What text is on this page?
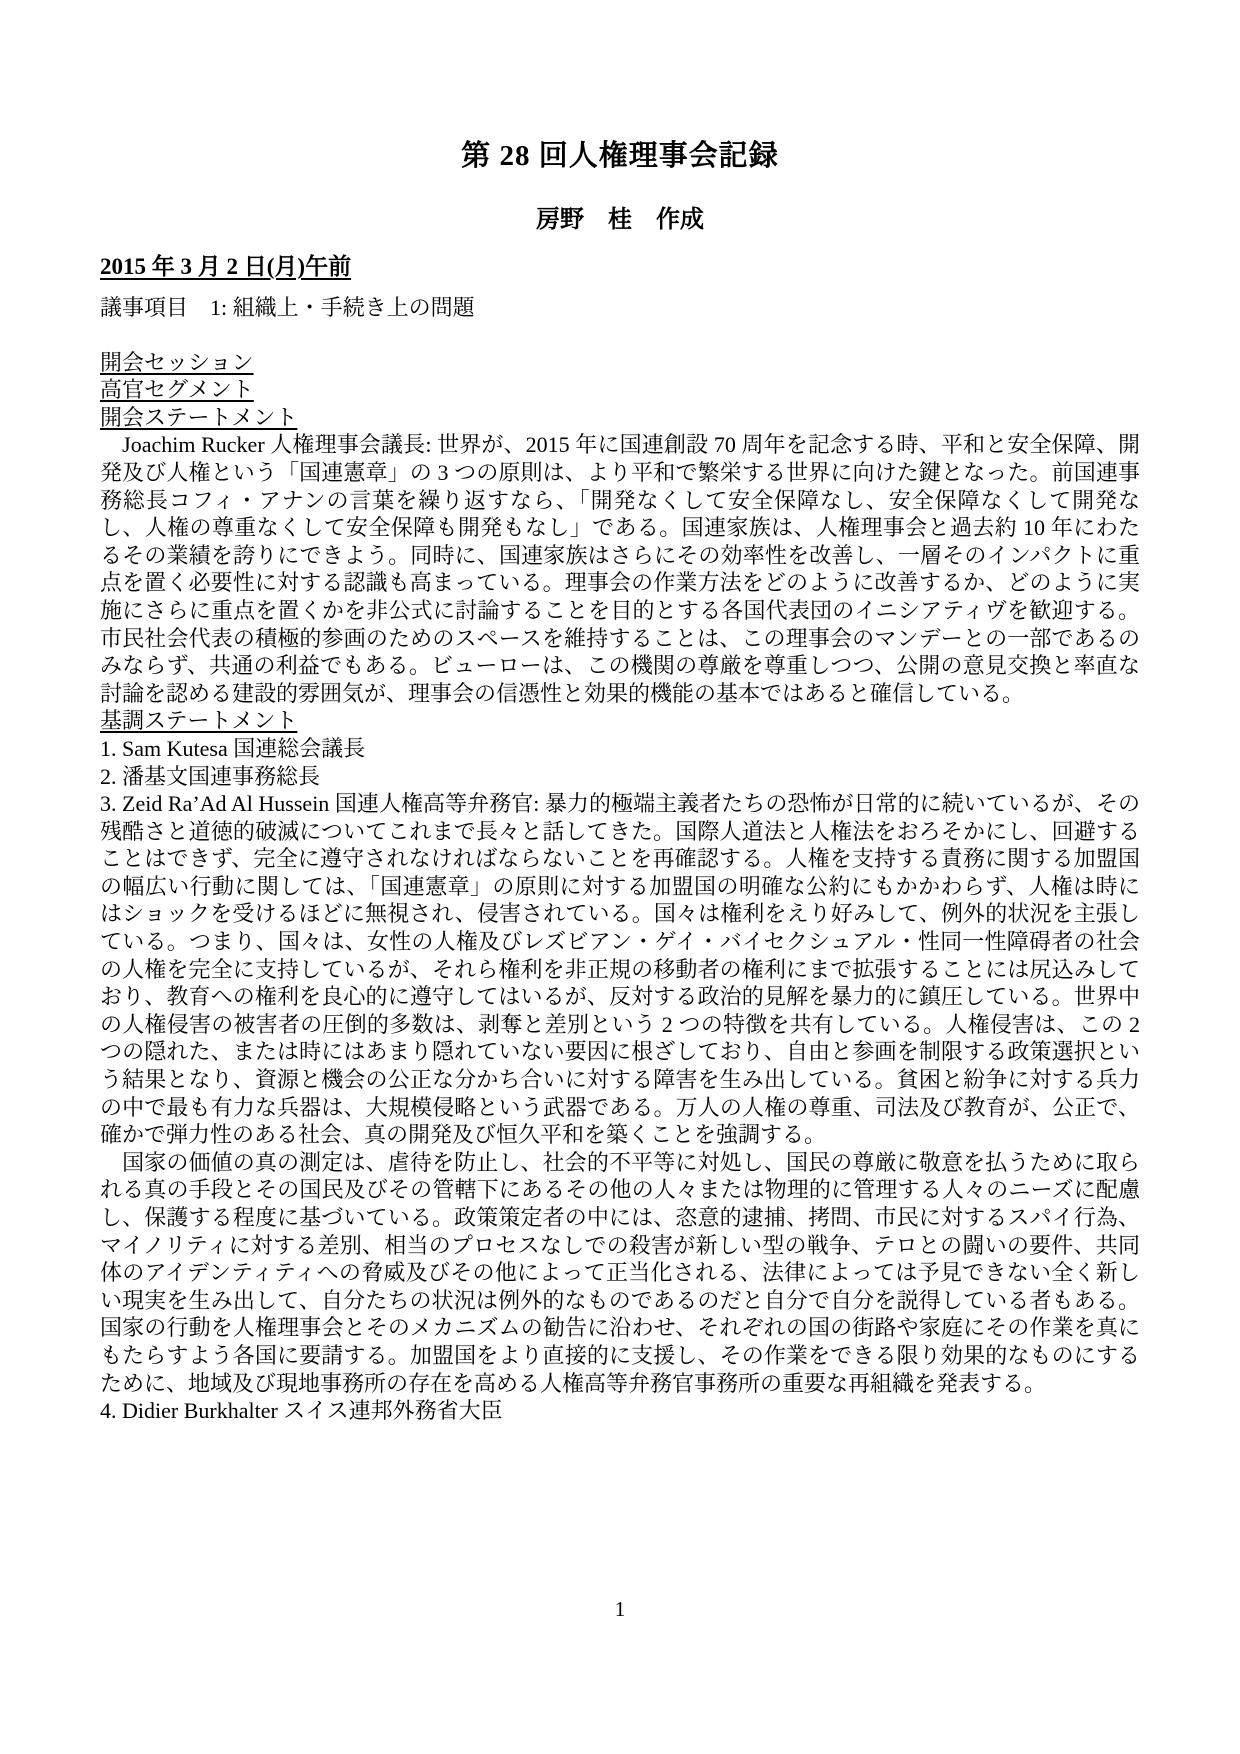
第 28 回人権理事会記録

房野　桂　作成

2015 年 3 月 2 日(月)午前

議事項目　1: 組織上・手続き上の問題

開会セッション
高官セグメント
開会ステートメント

　Joachim Rucker 人権理事会議長: 世界が、2015 年に国連創設 70 周年を記念する時、平和と安全保障、開発及び人権という「国連憲章」の 3 つの原則は、より平和で繁栄する世界に向けた鍵となった。前国連事務総長コフィ・アナンの言葉を繰り返すなら、「開発なくして安全保障なし、安全保障なくして開発なし、人権の尊重なくして安全保障も開発もなし」である。国連家族は、人権理事会と過去約 10 年にわたるその業績を誇りにできよう。同時に、国連家族はさらにその効率性を改善し、一層そのインパクトに重点を置く必要性に対する認識も高まっている。理事会の作業方法をどのように改善するか、どのように実施にさらに重点を置くかを非公式に討論することを目的とする各国代表団のイニシアティヴを歓迎する。市民社会代表の積極的参画のためのスペースを維持することは、この理事会のマンデーとの一部であるのみならず、共通の利益でもある。ビューローは、この機関の尊厳を尊重しつつ、公開の意見交換と率直な討論を認める建設的雰囲気が、理事会の信憑性と効果的機能の基本ではあると確信している。

基調ステートメント

1. Sam Kutesa 国連総会議長

2. 潘基文国連事務総長

3. Zeid Ra’Ad Al Hussein 国連人権高等弁務官: 暴力的極端主義者たちの恐怖が日常的に続いているが、その残酷さと道徳的破滅についてこれまで長々と話してきた。国際人道法と人権法をおろそかにし、回避することはできず、完全に遵守されなければならないことを再確認する。人権を支持する責務に関する加盟国の幅広い行動に関しては、「国連憲章」の原則に対する加盟国の明確な公約にもかかわらず、人権は時にはショックを受けるほどに無視され、侵害されている。国々は権利をえり好みして、例外的状況を主張している。つまり、国々は、女性の人権及びレズビアン・ゲイ・バイセクシュアル・性同一性障碍者の社会の人権を完全に支持しているが、それら権利を非正規の移動者の権利にまで拡張することには尻込みしており、教育への権利を良心的に遵守してはいるが、反対する政治的見解を暴力的に鎮圧している。世界中の人権侵害の被害者の圧倒的多数は、剥奪と差別という 2 つの特徴を共有している。人権侵害は、この 2 つの隠れた、または時にはあまり隠れていない要因に根ざしており、自由と参画を制限する政策選択という結果となり、資源と機会の公正な分かち合いに対する障害を生み出している。貧困と紛争に対する兵力の中で最も有力な兵器は、大規模侵略という武器である。万人の人権の尊重、司法及び教育が、公正で、確かで弾力性のある社会、真の開発及び恒久平和を築くことを強調する。

　国家の価値の真の測定は、虐待を防止し、社会的不平等に対処し、国民の尊厳に敬意を払うために取られる真の手段とその国民及びその管轄下にあるその他の人々または物理的に管理する人々のニーズに配慮し、保護する程度に基づいている。政策策定者の中には、恣意的逮捕、拷問、市民に対するスパイ行為、マイノリティに対する差別、相当のプロセスなしでの殺害が新しい型の戦争、テロとの闘いの要件、共同体のアイデンティティへの脅威及びその他によって正当化される、法律によっては予見できない全く新しい現実を生み出して、自分たちの状況は例外的なものであるのだと自分で自分を説得している者もある。国家の行動を人権理事会とそのメカニズムの勧告に沿わせ、それぞれの国の街路や家庭にその作業を真にもたらすよう各国に要請する。加盟国をより直接的に支援し、その作業をできる限り効果的なものにするために、地域及び現地事務所の存在を高める人権高等弁務官事務所の重要な再組織を発表する。

4. Didier Burkhalter スイス連邦外務省大臣

1
